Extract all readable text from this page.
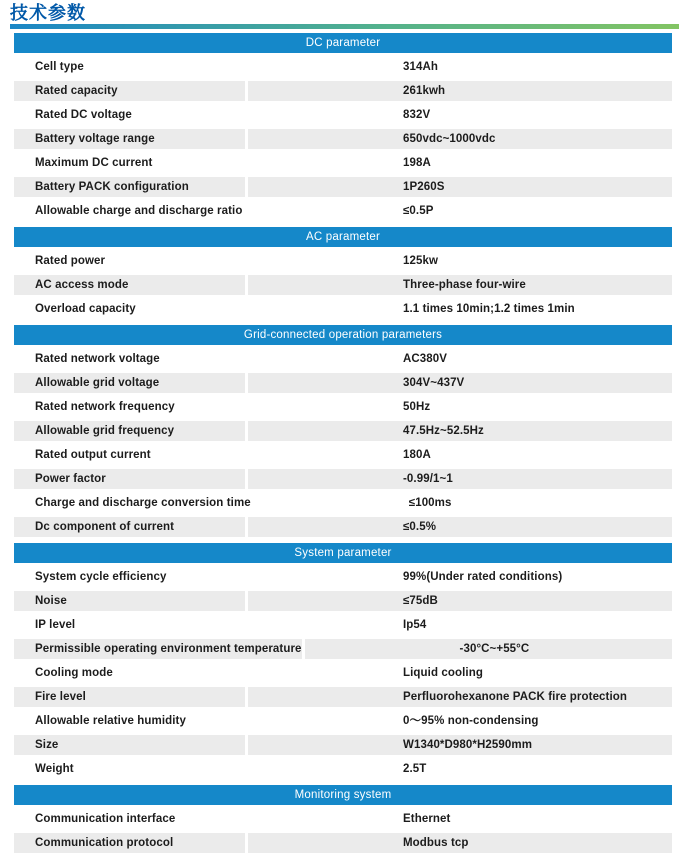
技术参数
DC parameter
Cell type	314Ah
Rated capacity	261kwh
Rated DC voltage	832V
Battery voltage range	650vdc~1000vdc
Maximum DC current	198A
Battery PACK configuration	1P260S
Allowable charge and discharge ratio	≤0.5P
AC parameter
Rated power	125kw
AC access mode	Three-phase four-wire
Overload capacity	1.1 times 10min;1.2 times 1min
Grid-connected operation parameters
Rated network voltage	AC380V
Allowable grid voltage	304V~437V
Rated network frequency	50Hz
Allowable grid frequency	47.5Hz~52.5Hz
Rated output current	180A
Power factor	-0.99/1~1
Charge and discharge conversion time	≤100ms
Dc component of current	≤0.5%
System parameter
System cycle efficiency	99%(Under rated conditions)
Noise	≤75dB
IP level	Ip54
Permissible operating environment temperature	-30°C~+55°C
Cooling mode	Liquid cooling
Fire level	Perfluorohexanone PACK fire protection
Allowable relative humidity	0～95% non-condensing
Size	W1340*D980*H2590mm
Weight	2.5T
Monitoring system
Communication interface	Ethernet
Communication protocol	Modbus tcp
